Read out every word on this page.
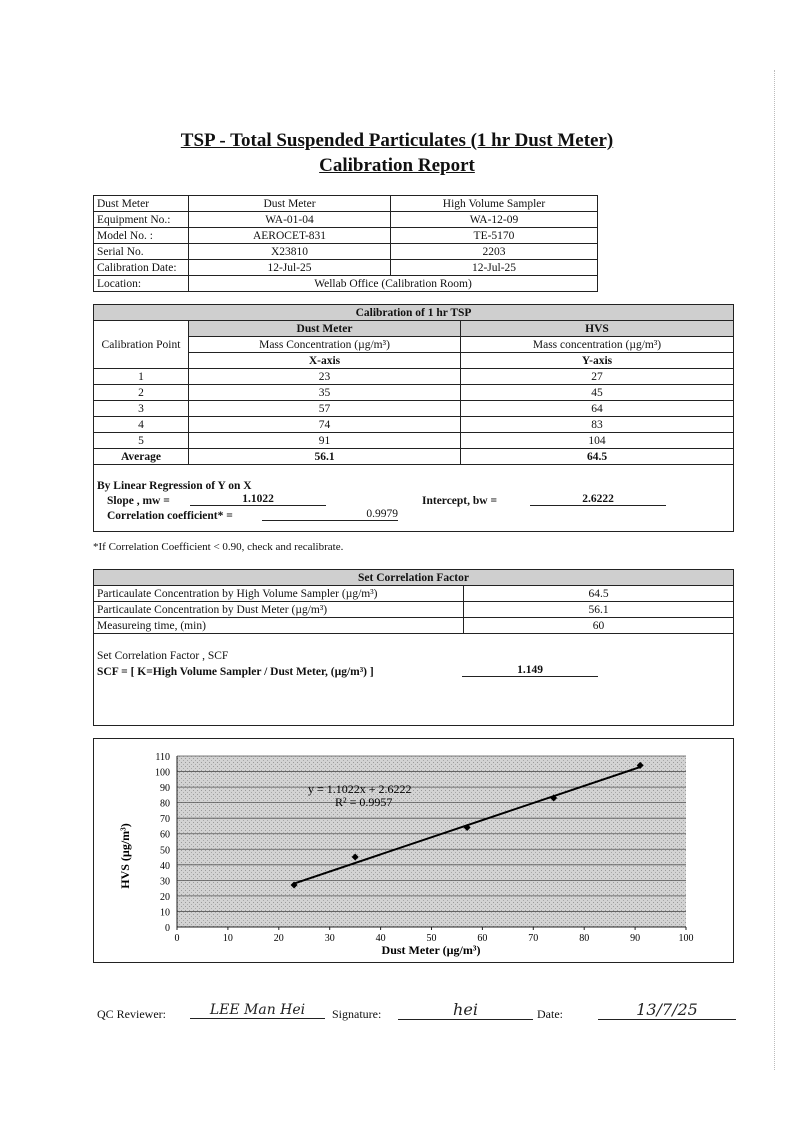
TSP - Total Suspended Particulates (1 hr Dust Meter)
Calibration Report
Dust Meter	Dust Meter	High Volume Sampler
Equipment No.:	WA-01-04	WA-12-09
Model No. :	AEROCET-831	TE-5170
Serial No.	X23810	2203
Calibration Date:	12-Jul-25	12-Jul-25
Location:	Wellab Office (Calibration Room)	
Calibration of 1 hr TSP		
Calibration Point	Dust Meter	HVS
	Mass Concentration (µg/m³)	Mass concentration (µg/m³)
	X-axis	Y-axis
1	23	27
2	35	45
3	57	64
4	74	83
5	91	104
Average	56.1	64.5
By Linear Regression of Y on X
Slope , mw =	1.1022	Intercept, bw =	2.6222
Correlation coefficient* =	0.9979
*If Correlation Coefficient < 0.90, check and recalibrate.
Set Correlation Factor	
Particaulate Concentration by High Volume Sampler (µg/m³)	64.5
Particaulate Concentration by Dust Meter (µg/m³)	56.1
Measureing time, (min)	60
Set Correlation Factor , SCF
SCF = [ K=High Volume Sampler / Dust Meter, (µg/m³) ]	1.149
0
10
20
30
40
50
60
70
80
90
100
110
0	10	20	30	40	50	60	70	80	90	100
y = 1.1022x + 2.6222
R² = 0.9957
Dust Meter (µg/m³)
HVS (µg/m³)
QC Reviewer:	LEE Man Hei	Signature:	hei	Date:	13/7/25
